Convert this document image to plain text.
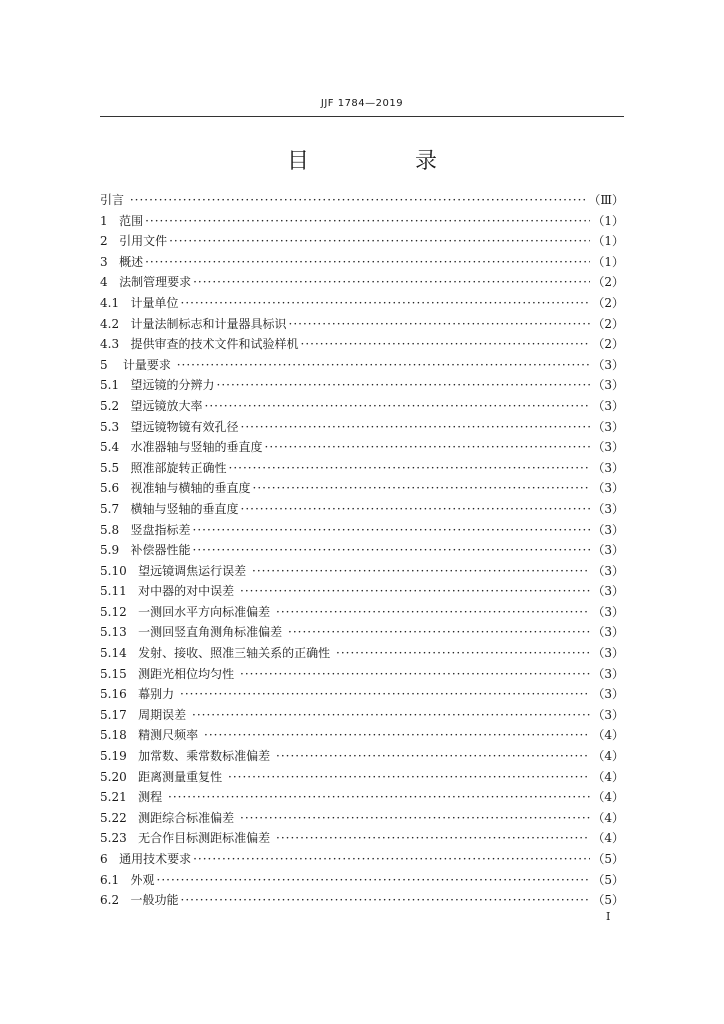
JJF 1784—2019
目　录
引言 ·····	（Ⅲ）
1 范围 ·····	（1）
2 引用文件 ·····	（1）
3 概述 ·····	（1）
4 法制管理要求 ·····	（2）
4.1 计量单位 ·····	（2）
4.2 计量法制标志和计量器具标识 ·····	（2）
4.3 提供审查的技术文件和试验样机 ·····	（2）
5 计量要求 ·····	（3）
5.1 望远镜的分辨力 ·····	（3）
5.2 望远镜放大率 ·····	（3）
5.3 望远镜物镜有效孔径 ·····	（3）
5.4 水准器轴与竖轴的垂直度 ·····	（3）
5.5 照准部旋转正确性 ·····	（3）
5.6 视准轴与横轴的垂直度 ·····	（3）
5.7 横轴与竖轴的垂直度 ·····	（3）
5.8 竖盘指标差 ·····	（3）
5.9 补偿器性能 ·····	（3）
5.10 望远镜调焦运行误差 ·····	（3）
5.11 对中器的对中误差 ·····	（3）
5.12 一测回水平方向标准偏差 ·····	（3）
5.13 一测回竖直角测角标准偏差 ·····	（3）
5.14 发射、接收、照准三轴关系的正确性 ·····	（3）
5.15 测距光相位均匀性 ·····	（3）
5.16 幕别力 ·····	（3）
5.17 周期误差 ·····	（3）
5.18 精测尺频率 ·····	（4）
5.19 加常数、乘常数标准偏差 ·····	（4）
5.20 距离测量重复性 ·····	（4）
5.21 测程 ·····	（4）
5.22 测距综合标准偏差 ·····	（4）
5.23 无合作目标测距标准偏差 ·····	（4）
6 通用技术要求 ·····	（5）
6.1 外观 ·····	（5）
6.2 一般功能 ·····	（5）
I
